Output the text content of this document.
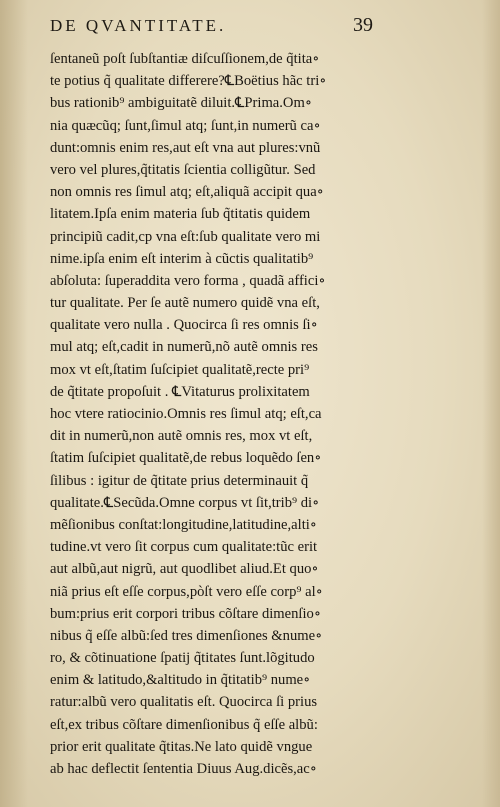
DE QVANTITATE.	39
ſentaneũ poſt ſubſtantiæ diſcuſſionem,de q̃tita∘
te potius q̃ qualitate differere?℄Boëtius hãc tri∘
bus rationib⁹ ambiguitatẽ diluit.℄Prima.Om∘
nia quæcũq; ſunt,ſimul atq; ſunt,in numerũ ca∘
dunt:omnis enim res,aut eſt vna aut plures:vnũ
vero vel plures,q̃titatis ſcientia colligũtur. Sed
non omnis res ſimul atq; eſt,aliquã accipit qua∘
litatem.Ipſa enim materia ſub q̃titatis quidem
principiũ cadit,cp vna eſt:ſub qualitate vero mi
nime.ipſa enim eſt interim à cũctis qualitatib⁹
abſoluta: ſuperaddita vero forma , quadã affici∘
tur qualitate. Per ſe autẽ numero quidẽ vna eſt,
qualitate vero nulla . Quocirca ſi res omnis ſi∘
mul atq; eſt,cadit in numerũ,nõ autẽ omnis res
mox vt eſt,ſtatim ſuſcipiet qualitatẽ,recte pri⁹
de q̃titate propoſuit . ℄Vitaturus prolixitatem
hoc vtere ratiocinio.Omnis res ſimul atq; eſt,ca
dit in numerũ,non autẽ omnis res, mox vt eſt,
ſtatim ſuſcipiet qualitatẽ,de rebus loquẽdo ſen∘
ſilibus : igitur de q̃titate prius determinauit q̃
qualitate.℄Secũda.Omne corpus vt ſit,trib⁹ di∘
mẽſionibus conſtat:longitudine,latitudine,alti∘
tudine.vt vero ſit corpus cum qualitate:tũc erit
aut albũ,aut nigrũ, aut quodlibet aliud.Et quo∘
niã prius eſt eſſe corpus,pòſt vero eſſe corp⁹ al∘
bum:prius erit corpori tribus cõſtare dimenſio∘
nibus q̃ eſſe albũ:ſed tres dimenſiones &nume∘
ro, & cõtinuatione ſpatij q̃titates ſunt.lõgitudo
enim & latitudo,&altitudo in q̃titatib⁹ nume∘
ratur:albũ vero qualitatis eſt. Quocirca ſi prius
eſt,ex tribus cõſtare dimenſionibus q̃ eſſe albũ:
prior erit qualitate q̃titas.Ne lato quidẽ vngue
ab hac deflectit ſententia Diuus Aug.dicẽs,ac∘
